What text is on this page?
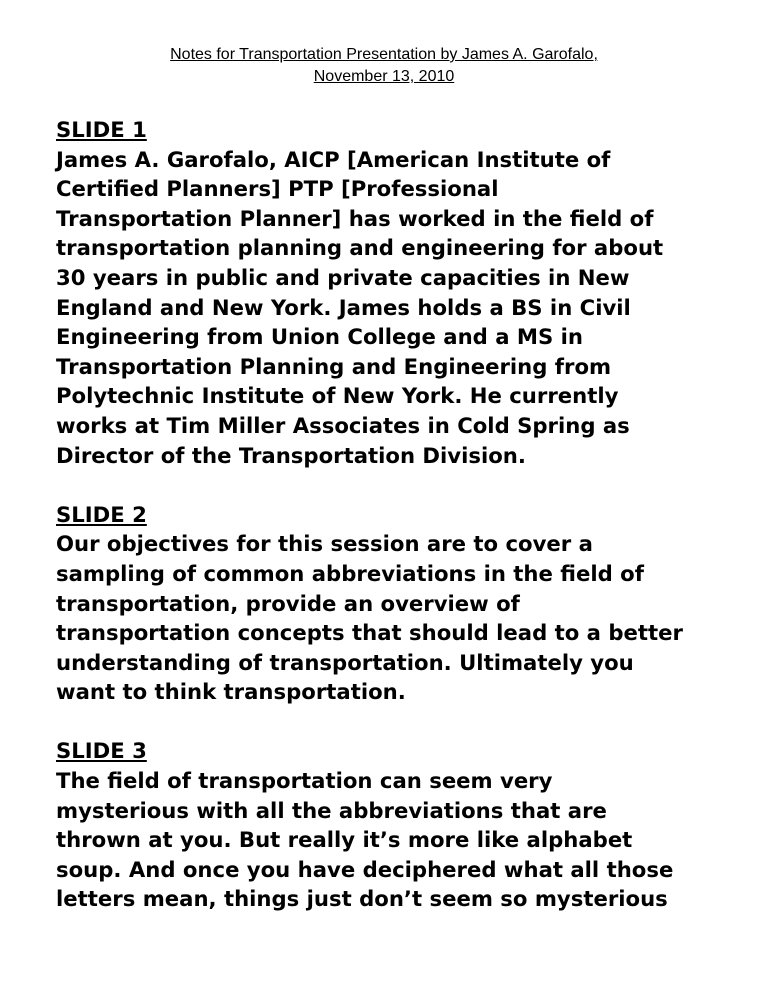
Notes for Transportation Presentation by James A. Garofalo,
November 13, 2010
SLIDE 1
James A. Garofalo, AICP [American Institute of
Certified Planners] PTP [Professional
Transportation Planner] has worked in the field of
transportation planning and engineering for about
30 years in public and private capacities in New
England and New York. James holds a BS in Civil
Engineering from Union College and a MS in
Transportation Planning and Engineering from
Polytechnic Institute of New York. He currently
works at Tim Miller Associates in Cold Spring as
Director of the Transportation Division.
SLIDE 2
Our objectives for this session are to cover a
sampling of common abbreviations in the field of
transportation, provide an overview of
transportation concepts that should lead to a better
understanding of transportation. Ultimately you
want to think transportation.
SLIDE 3
The field of transportation can seem very
mysterious with all the abbreviations that are
thrown at you. But really it’s more like alphabet
soup. And once you have deciphered what all those
letters mean, things just don’t seem so mysterious
